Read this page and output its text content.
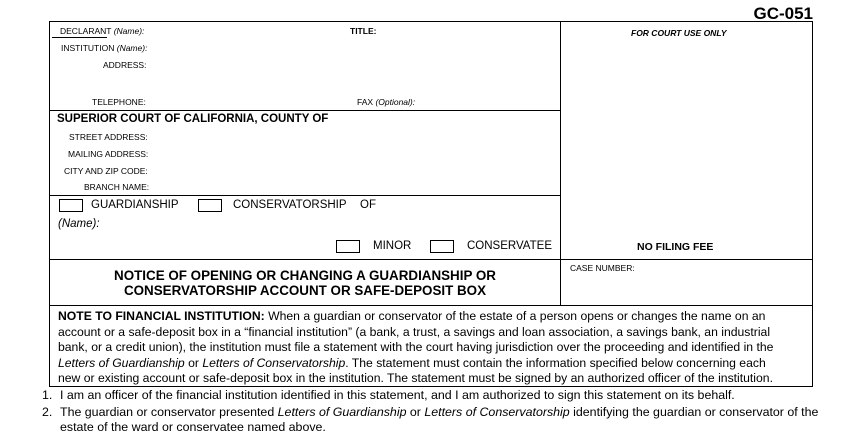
GC-051
DECLARANT (Name):	TITLE:
INSTITUTION (Name):
ADDRESS:
TELEPHONE:	FAX (Optional):
FOR COURT USE ONLY
SUPERIOR COURT OF CALIFORNIA, COUNTY OF
STREET ADDRESS:
MAILING ADDRESS:
CITY AND ZIP CODE:
BRANCH NAME:
GUARDIANSHIP	CONSERVATORSHIP OF
(Name):
MINOR	CONSERVATEE	NO FILING FEE
NOTICE OF OPENING OR CHANGING A GUARDIANSHIP OR
CONSERVATORSHIP ACCOUNT OR SAFE-DEPOSIT BOX
CASE NUMBER:
NOTE TO FINANCIAL INSTITUTION: When a guardian or conservator of the estate of a person opens or changes the name on an account or a safe-deposit box in a “financial institution” (a bank, a trust, a savings and loan association, a savings bank, an industrial bank, or a credit union), the institution must file a statement with the court having jurisdiction over the proceeding and identified in the Letters of Guardianship or Letters of Conservatorship. The statement must contain the information specified below concerning each new or existing account or safe-deposit box in the institution. The statement must be signed by an authorized officer of the institution.
1. I am an officer of the financial institution identified in this statement, and I am authorized to sign this statement on its behalf.
2. The guardian or conservator presented Letters of Guardianship or Letters of Conservatorship identifying the guardian or conservator of the estate of the ward or conservatee named above.
